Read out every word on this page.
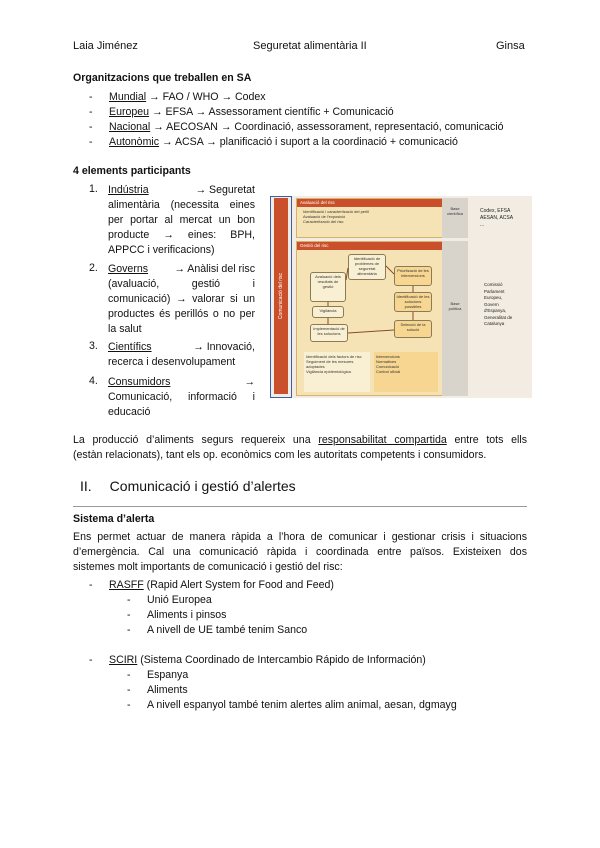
Laia Jiménez	Seguretat alimentària II	Ginsa
Organitzacions que treballen en SA
- Mundial → FAO / WHO → Codex
- Europeu → EFSA → Assessorament científic + Comunicació
- Nacional → AECOSAN → Coordinació, assessorament, representació, comunicació
- Autonòmic → ACSA → planificació i suport a la coordinació + comunicació
4 elements participants
1. Indústria	→ Seguretat
alimentària (necessita eines
per portar al mercat un bon
producte → eines: BPH,
APPCC i verificacions)
2. Governs → Anàlisi del risc
(avaluació, gestió i
comunicació) → valorar si un
productes és perillós o no per
la salut
3. Científics	→ Innovació,
recerca i desenvolupament
4. Consumidors	→
Comunicació, informació i
educació
Comunicació del risc
Avaluació del risc
Identificació i caracterització del perill
Avaluació de l'exposició
Caracterització del risc
Base científica
Gestió del risc
Base política
Identificació de problemes de seguretat alimentària
Avaluació dels resultats de gestió
Priorització de les intervencions
Vigilància
Identificació de les solucions possibles
Implementació de les solucions
Selecció de la solució
Identificació dels factors de risc
Seguiment de les mesures adoptades
Vigilància epidemiològica
Intervencions
Normatives
Comunicació
Control oficial
Codex, EFSA
AESAN, ACSA
...
Comissió
Parlament
Europeu,
Govern
d'Espanya,
Generalitat de
Catalunya
La producció d’aliments segurs requereix una responsabilitat compartida entre tots ells
(estàn relacionats), tant els op. econòmics com les autoritats competents i consumidors.
II. Comunicació i gestió d’alertes
Sistema d’alerta
Ens permet actuar de manera ràpida a l’hora de comunicar i gestionar crisis i situacions
d’emergència. Cal una comunicació ràpida i coordinada entre països. Existeixen dos
sistemes molt importants de comunicació i gestió del risc:
- RASFF (Rapid Alert System for Food and Feed)
- Unió Europea
- Aliments i pinsos
- A nivell de UE també tenim Sanco
- SCIRI (Sistema Coordinado de Intercambio Rápido de Información)
- Espanya
- Aliments
- A nivell espanyol també tenim alertes alim animal, aesan, dgmayg
